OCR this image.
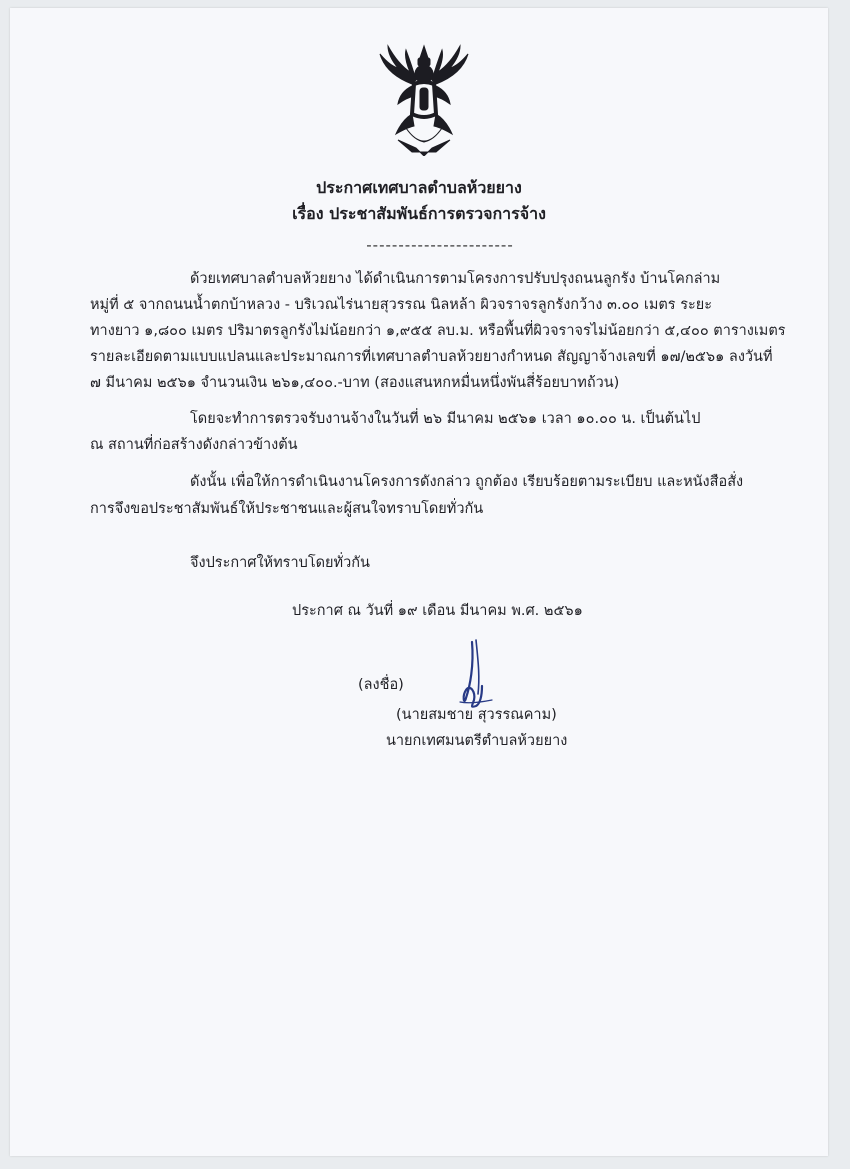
ประกาศเทศบาลตำบลห้วยยาง
เรื่อง ประชาสัมพันธ์การตรวจการจ้าง
-----------------------
ด้วยเทศบาลตำบลห้วยยาง ได้ดำเนินการตามโครงการปรับปรุงถนนลูกรัง บ้านโคกล่าม
หมู่ที่ ๕ จากถนนน้ำตกบ้าหลวง - บริเวณไร่นายสุวรรณ นิลหล้า ผิวจราจรลูกรังกว้าง ๓.๐๐ เมตร ระยะ
ทางยาว ๑,๘๐๐ เมตร ปริมาตรลูกรังไม่น้อยกว่า ๑,๙๕๕ ลบ.ม. หรือพื้นที่ผิวจราจรไม่น้อยกว่า ๕,๔๐๐ ตารางเมตร
รายละเอียดตามแบบแปลนและประมาณการที่เทศบาลตำบลห้วยยางกำหนด สัญญาจ้างเลขที่ ๑๗/๒๕๖๑ ลงวันที่
๗ มีนาคม ๒๕๖๑ จำนวนเงิน ๒๖๑,๔๐๐.-บาท (สองแสนหกหมื่นหนึ่งพันสี่ร้อยบาทถ้วน)
โดยจะทำการตรวจรับงานจ้างในวันที่ ๒๖ มีนาคม ๒๕๖๑ เวลา ๑๐.๐๐ น. เป็นต้นไป
ณ สถานที่ก่อสร้างดังกล่าวข้างต้น
ดังนั้น เพื่อให้การดำเนินงานโครงการดังกล่าว ถูกต้อง เรียบร้อยตามระเบียบ และหนังสือสั่ง
การจึงขอประชาสัมพันธ์ให้ประชาชนและผู้สนใจทราบโดยทั่วกัน
จึงประกาศให้ทราบโดยทั่วกัน
ประกาศ ณ วันที่ ๑๙ เดือน มีนาคม พ.ศ. ๒๕๖๑
(ลงชื่อ)
(นายสมชาย สุวรรณคาม)
นายกเทศมนตรีตำบลห้วยยาง
